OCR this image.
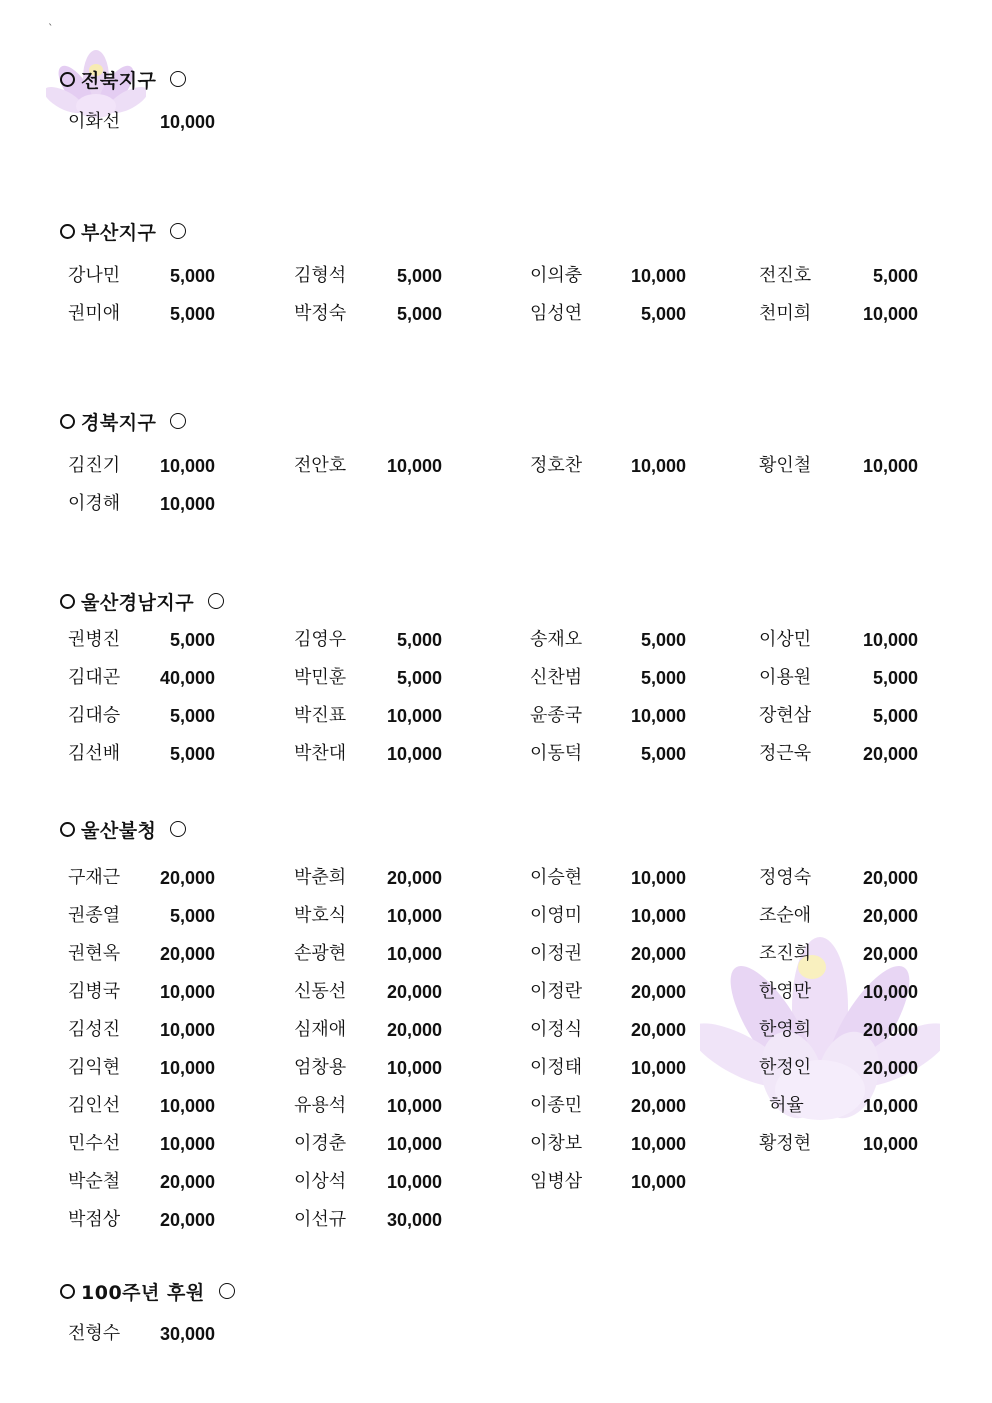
`
전북지구
이화선	10,000
부산지구
강나민	5,000	김형석	5,000	이의충	10,000	전진호	5,000
권미애	5,000	박정숙	5,000	임성연	5,000	천미희	10,000
경북지구
김진기	10,000	전안호	10,000	정호찬	10,000	황인철	10,000
이경해	10,000
울산경남지구
권병진	5,000	김영우	5,000	송재오	5,000	이상민	10,000
김대곤	40,000	박민훈	5,000	신찬범	5,000	이용원	5,000
김대승	5,000	박진표	10,000	윤종국	10,000	장현삼	5,000
김선배	5,000	박찬대	10,000	이동덕	5,000	정근욱	20,000
울산불청
구재근	20,000	박춘희	20,000	이승현	10,000	정영숙	20,000
권종열	5,000	박호식	10,000	이영미	10,000	조순애	20,000
권현옥	20,000	손광현	10,000	이정권	20,000	조진희	20,000
김병국	10,000	신동선	20,000	이정란	20,000	한영만	10,000
김성진	10,000	심재애	20,000	이정식	20,000	한영희	20,000
김익현	10,000	엄창용	10,000	이정태	10,000	한정인	20,000
김인선	10,000	유용석	10,000	이종민	20,000	허율	10,000
민수선	10,000	이경춘	10,000	이창보	10,000	황정현	10,000
박순철	20,000	이상석	10,000	임병삼	10,000
박점상	20,000	이선규	30,000
100주년 후원
전형수	30,000
